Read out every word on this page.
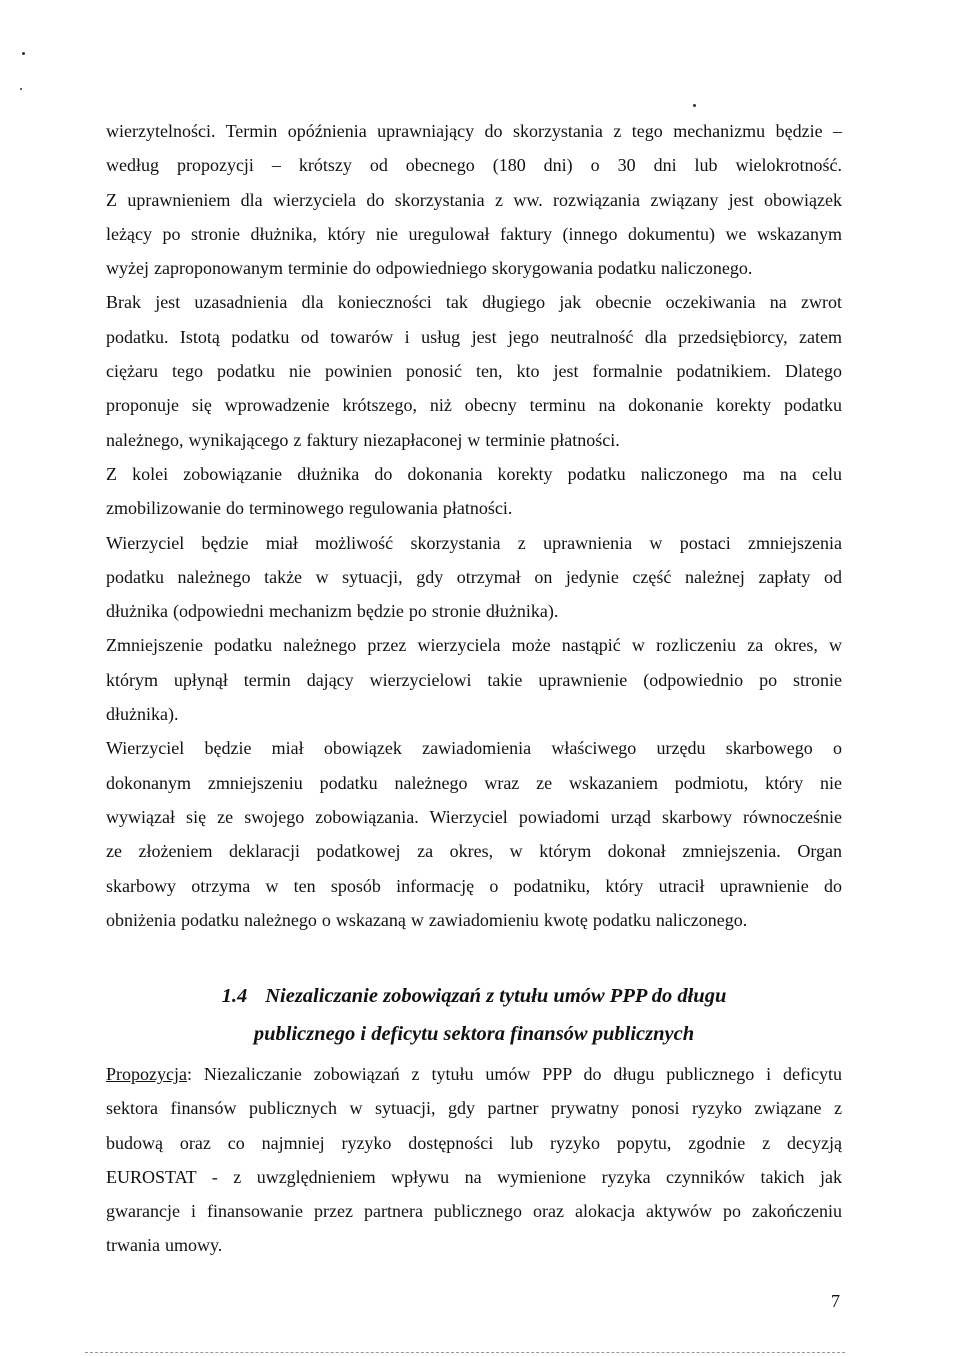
wierzytelności. Termin opóźnienia uprawniający do skorzystania z tego mechanizmu będzie –
według propozycji – krótszy od obecnego (180 dni) o 30 dni lub wielokrotność.
Z uprawnieniem dla wierzyciela do skorzystania z ww. rozwiązania związany jest obowiązek
leżący po stronie dłużnika, który nie uregulował faktury (innego dokumentu) we wskazanym
wyżej zaproponowanym terminie do odpowiedniego skorygowania podatku naliczonego.
Brak jest uzasadnienia dla konieczności tak długiego jak obecnie oczekiwania na zwrot
podatku. Istotą podatku od towarów i usług jest jego neutralność dla przedsiębiorcy, zatem
ciężaru tego podatku nie powinien ponosić ten, kto jest formalnie podatnikiem. Dlatego
proponuje się wprowadzenie krótszego, niż obecny terminu na dokonanie korekty podatku
należnego, wynikającego z faktury niezapłaconej w terminie płatności.
Z kolei zobowiązanie dłużnika do dokonania korekty podatku naliczonego ma na celu
zmobilizowanie do terminowego regulowania płatności.
Wierzyciel będzie miał możliwość skorzystania z uprawnienia w postaci zmniejszenia
podatku należnego także w sytuacji, gdy otrzymał on jedynie część należnej zapłaty od
dłużnika (odpowiedni mechanizm będzie po stronie dłużnika).
Zmniejszenie podatku należnego przez wierzyciela może nastąpić w rozliczeniu za okres, w
którym upłynął termin dający wierzycielowi takie uprawnienie (odpowiednio po stronie
dłużnika).
Wierzyciel będzie miał obowiązek zawiadomienia właściwego urzędu skarbowego o
dokonanym zmniejszeniu podatku należnego wraz ze wskazaniem podmiotu, który nie
wywiązał się ze swojego zobowiązania. Wierzyciel powiadomi urząd skarbowy równocześnie
ze złożeniem deklaracji podatkowej za okres, w którym dokonał zmniejszenia. Organ
skarbowy otrzyma w ten sposób informację o podatniku, który utracił uprawnienie do
obniżenia podatku należnego o wskazaną w zawiadomieniu kwotę podatku naliczonego.

1.4 Niezaliczanie zobowiązań z tytułu umów PPP do długu
publicznego i deficytu sektora finansów publicznych

Propozycja: Niezaliczanie zobowiązań z tytułu umów PPP do długu publicznego i deficytu
sektora finansów publicznych w sytuacji, gdy partner prywatny ponosi ryzyko związane z
budową oraz co najmniej ryzyko dostępności lub ryzyko popytu, zgodnie z decyzją
EUROSTAT - z uwzględnieniem wpływu na wymienione ryzyka czynników takich jak
gwarancje i finansowanie przez partnera publicznego oraz alokacja aktywów po zakończeniu
trwania umowy.

7
